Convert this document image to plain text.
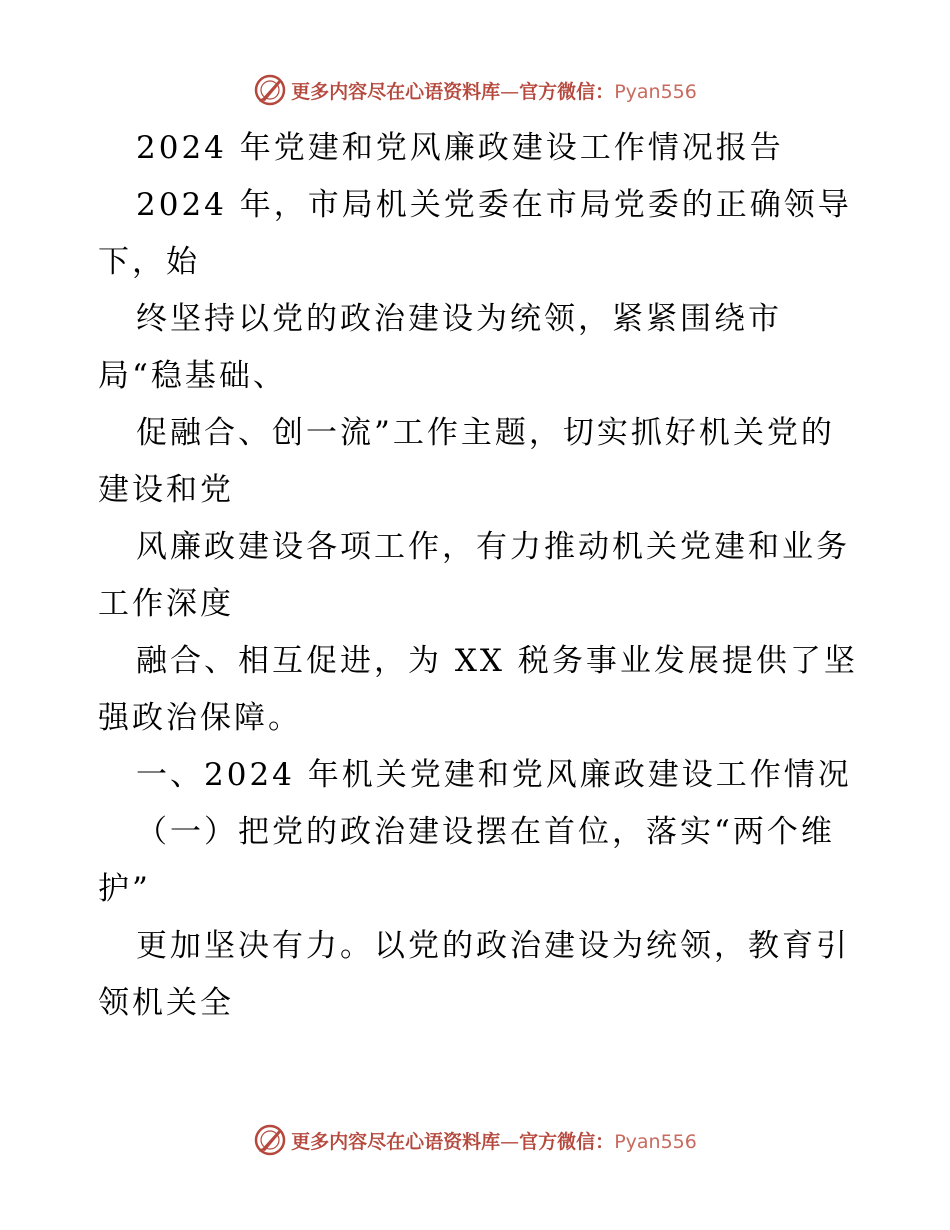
更多内容尽在心语资料库—官方微信：Pyan556
2024 年党建和党风廉政建设工作情况报告
2024 年，市局机关党委在市局党委的正确领导
下，始
终坚持以党的政治建设为统领，紧紧围绕市
局“稳基础、
促融合、创一流”工作主题，切实抓好机关党的
建设和党
风廉政建设各项工作，有力推动机关党建和业务
工作深度
融合、相互促进，为 XX 税务事业发展提供了坚
强政治保障。
一、2024 年机关党建和党风廉政建设工作情况
（一）把党的政治建设摆在首位，落实“两个维
护”
更加坚决有力。以党的政治建设为统领，教育引
领机关全
更多内容尽在心语资料库—官方微信：Pyan556
